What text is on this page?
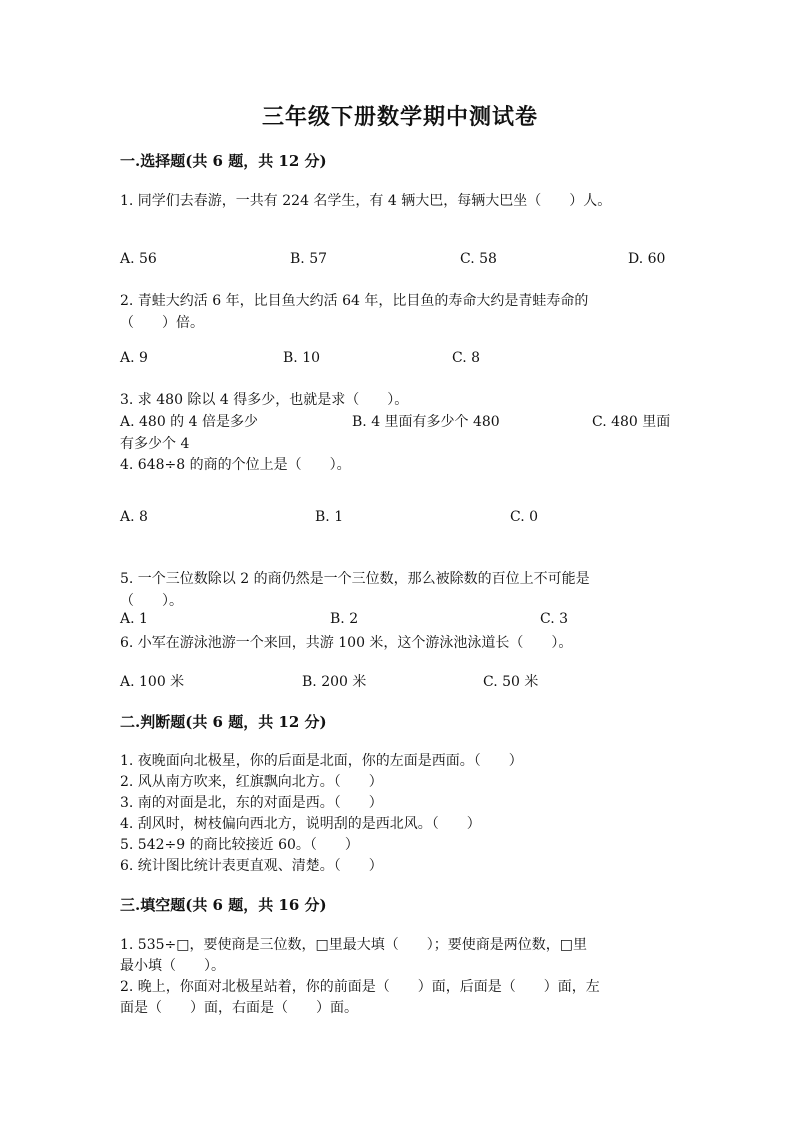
三年级下册数学期中测试卷
一.选择题(共 6 题，共 12 分)
1. 同学们去春游，一共有 224 名学生，有 4 辆大巴，每辆大巴坐（　　）人。
A. 56	B. 57	C. 58	D. 60
2. 青蛙大约活 6 年，比目鱼大约活 64 年，比目鱼的寿命大约是青蛙寿命的
（　　）倍。
A. 9	B. 10	C. 8
3. 求 480 除以 4 得多少，也就是求（　　）。
A. 480 的 4 倍是多少	B. 4 里面有多少个 480	C. 480 里面
有多少个 4
4. 648÷8 的商的个位上是（　　）。
A. 8	B. 1	C. 0
5. 一个三位数除以 2 的商仍然是一个三位数，那么被除数的百位上不可能是
（　　）。
A. 1	B. 2	C. 3
6. 小军在游泳池游一个来回，共游 100 米，这个游泳池泳道长（　　）。
A. 100 米	B. 200 米	C. 50 米
二.判断题(共 6 题，共 12 分)
1. 夜晚面向北极星，你的后面是北面，你的左面是西面。（　　）
2. 风从南方吹来，红旗飘向北方。（　　）
3. 南的对面是北，东的对面是西。（　　）
4. 刮风时，树枝偏向西北方，说明刮的是西北风。（　　）
5. 542÷9 的商比较接近 60。（　　）
6. 统计图比统计表更直观、清楚。（　　）
三.填空题(共 6 题，共 16 分)
1. 535÷□，要使商是三位数，□里最大填（　　）；要使商是两位数，□里
最小填（　　）。
2. 晚上，你面对北极星站着，你的前面是（　　）面，后面是（　　）面，左
面是（　　）面，右面是（　　）面。
